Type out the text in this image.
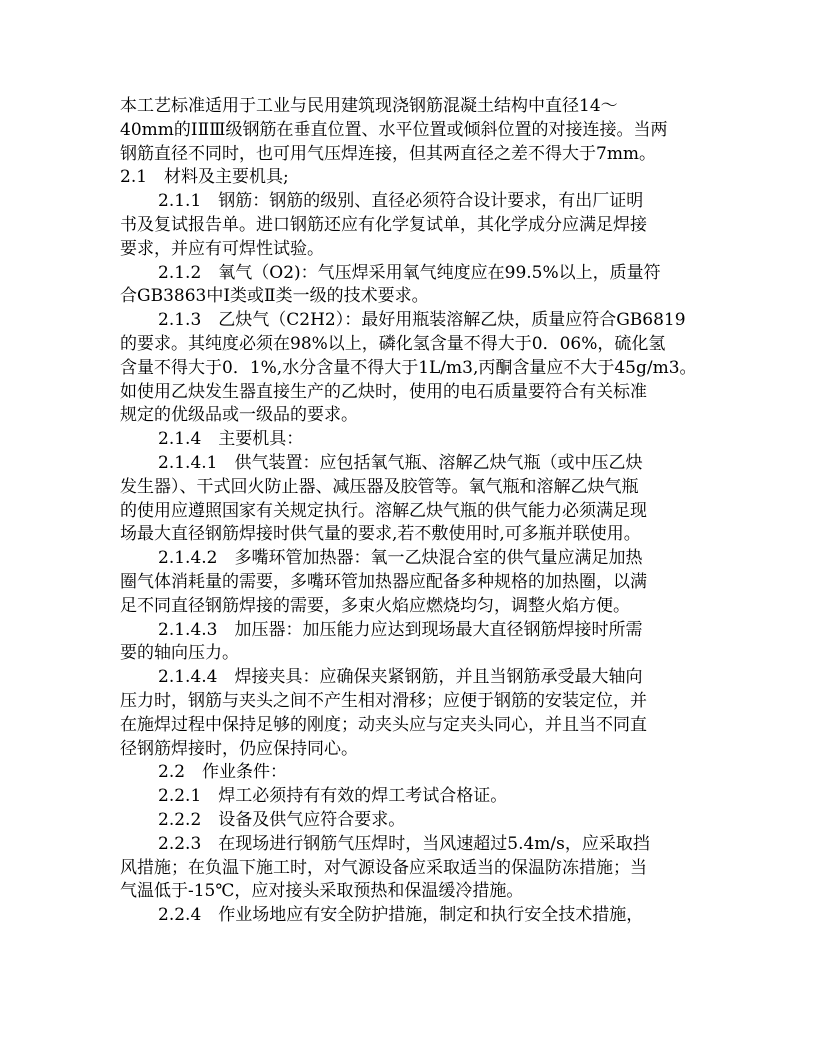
本工艺标准适用于工业与民用建筑现浇钢筋混凝土结构中直径14～
40mm的ⅠⅡⅢ级钢筋在垂直位置、水平位置或倾斜位置的对接连接。当两
钢筋直径不同时，也可用气压焊连接，但其两直径之差不得大于7mm。
2.1　材料及主要机具;
2.1.1　钢筋：钢筋的级别、直径必须符合设计要求，有出厂证明
书及复试报告单。进口钢筋还应有化学复试单，其化学成分应满足焊接
要求，并应有可焊性试验。
2.1.2　氧气（O2)：气压焊采用氧气纯度应在99.5%以上，质量符
合GB3863中Ⅰ类或Ⅱ类一级的技术要求。
2.1.3　乙炔气（C2H2）：最好用瓶装溶解乙炔，质量应符合GB6819
的要求。其纯度必须在98%以上，磷化氢含量不得大于0．06%，硫化氢
含量不得大于0．1%,水分含量不得大于1L/m3,丙酮含量应不大于45g/m3。
如使用乙炔发生器直接生产的乙炔时，使用的电石质量要符合有关标准
规定的优级品或一级品的要求。
2.1.4　主要机具：
2.1.4.1　供气装置：应包括氧气瓶、溶解乙炔气瓶（或中压乙炔
发生器）、干式回火防止器、减压器及胶管等。氧气瓶和溶解乙炔气瓶
的使用应遵照国家有关规定执行。溶解乙炔气瓶的供气能力必须满足现
场最大直径钢筋焊接时供气量的要求,若不敷使用时,可多瓶并联使用。
2.1.4.2　多嘴环管加热器：氧一乙炔混合室的供气量应满足加热
圈气体消耗量的需要，多嘴环管加热器应配备多种规格的加热圈，以满
足不同直径钢筋焊接的需要，多束火焰应燃烧均匀，调整火焰方便。
2.1.4.3　加压器：加压能力应达到现场最大直径钢筋焊接时所需
要的轴向压力。
2.1.4.4　焊接夹具：应确保夹紧钢筋，并且当钢筋承受最大轴向
压力时，钢筋与夹头之间不产生相对滑移；应便于钢筋的安装定位，并
在施焊过程中保持足够的刚度；动夹头应与定夹头同心，并且当不同直
径钢筋焊接时，仍应保持同心。
2.2　作业条件：
2.2.1　焊工必须持有有效的焊工考试合格证。
2.2.2　设备及供气应符合要求。
2.2.3　在现场进行钢筋气压焊时，当风速超过5.4m/s，应采取挡
风措施；在负温下施工时，对气源设备应采取适当的保温防冻措施；当
气温低于-15℃，应对接头采取预热和保温缓冷措施。
2.2.4　作业场地应有安全防护措施，制定和执行安全技术措施，
